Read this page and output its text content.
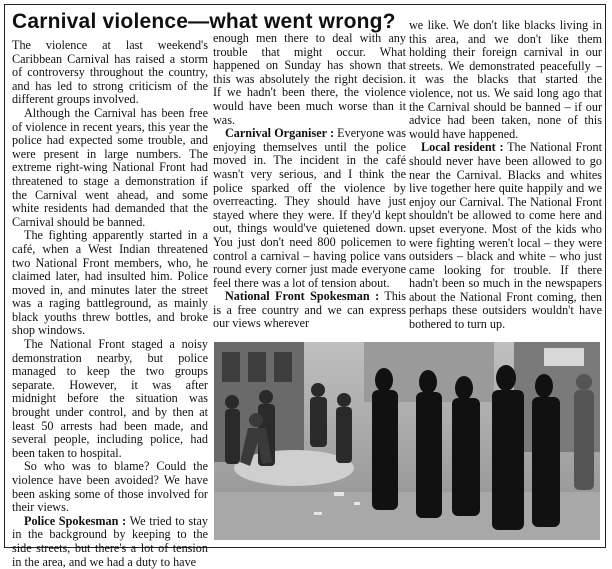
Carnival violence—what went wrong?

The violence at last weekend's Caribbean Carnival has raised a storm of controversy throughout the country, and has led to strong criticism of the different groups involved.

Although the Carnival has been free of violence in recent years, this year the police had expected some trouble, and were present in large numbers. The extreme right-wing National Front had threatened to stage a demonstration if the Carnival went ahead, and some white residents had demanded that the Carnival should be banned.

The fighting apparently started in a café, when a West Indian threatened two National Front members, who, he claimed later, had insulted him. Police moved in, and minutes later the street was a raging battleground, as mainly black youths threw bottles, and broke shop windows.

The National Front staged a noisy demonstration nearby, but police managed to keep the two groups separate. However, it was after midnight before the situation was brought under control, and by then at least 50 arrests had been made, and several people, including police, had been taken to hospital.

So who was to blame? Could the violence have been avoided? We have been asking some of those involved for their views.

Police Spokesman : We tried to stay in the background by keeping to the side streets, but there's a lot of tension in the area, and we had a duty to have

enough men there to deal with any trouble that might occur. What happened on Sunday has shown that this was absolutely the right decision. If we hadn't been there, the violence would have been much worse than it was.

Carnival Organiser : Everyone was enjoying themselves until the police moved in. The incident in the café wasn't very serious, and I think the police sparked off the violence by overreacting. They should have just stayed where they were. If they'd kept out, things would've quietened down. You just don't need 800 policemen to control a carnival – having police vans round every corner just made everyone feel there was a lot of tension about.

National Front Spokesman : This is a free country and we can express our views wherever

we like. We don't like blacks living in this area, and we don't like them holding their foreign carnival in our streets. We demonstrated peacefully – it was the blacks that started the violence, not us. We said long ago that the Carnival should be banned – if our advice had been taken, none of this would have happened.

Local resident : The National Front should never have been allowed to go near the Carnival. Blacks and whites live together here quite happily and we enjoy our Carnival. The National Front shouldn't be allowed to come here and upset everyone. Most of the kids who were fighting weren't local – they were outsiders – black and white – who just came looking for trouble. If there hadn't been so much in the newspapers about the National Front coming, then perhaps these outsiders wouldn't have bothered to turn up.
